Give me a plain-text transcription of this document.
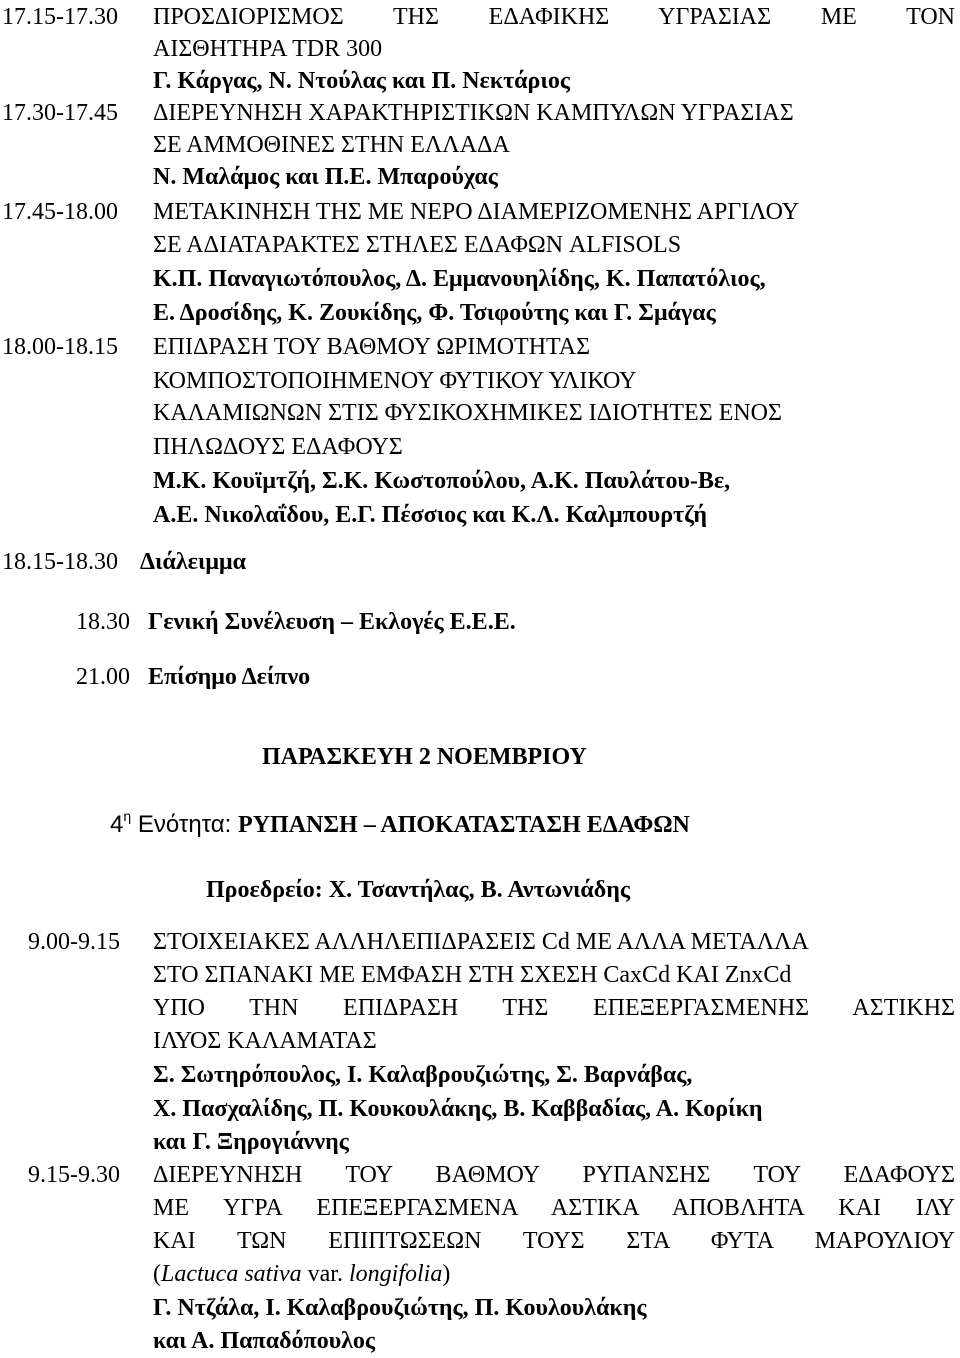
17.15-17.30 ΠΡΟΣΔΙΟΡΙΣΜΟΣ ΤΗΣ ΕΔΑΦΙΚΗΣ ΥΓΡΑΣΙΑΣ ΜΕ ΤΟΝ
ΑΙΣΘΗΤΗΡΑ TDR 300
Γ. Κάργας, Ν. Ντούλας και Π. Νεκτάριος
17.30-17.45 ΔΙΕΡΕΥΝΗΣΗ ΧΑΡΑΚΤΗΡΙΣΤΙΚΩΝ ΚΑΜΠΥΛΩΝ ΥΓΡΑΣΙΑΣ
ΣΕ ΑΜΜΟΘΙΝΕΣ ΣΤΗΝ ΕΛΛΑΔΑ
Ν. Μαλάμος και Π.Ε. Μπαρούχας
17.45-18.00 ΜΕΤΑΚΙΝΗΣΗ ΤΗΣ ΜΕ ΝΕΡΟ ΔΙΑΜΕΡΙΖΟΜΕΝΗΣ ΑΡΓΙΛΟΥ
ΣΕ ΑΔΙΑΤΑΡΑΚΤΕΣ ΣΤΗΛΕΣ ΕΔΑΦΩΝ ALFISOLS
Κ.Π. Παναγιωτόπουλος, Δ. Εμμανουηλίδης, Κ. Παπατόλιος,
Ε. Δροσίδης, Κ. Ζουκίδης, Φ. Τσιφούτης και Γ. Σμάγας
18.00-18.15 ΕΠΙΔΡΑΣΗ ΤΟΥ ΒΑΘΜΟΥ ΩΡΙΜΟΤΗΤΑΣ
ΚΟΜΠΟΣΤΟΠΟΙΗΜΕΝΟΥ ΦΥΤΙΚΟΥ ΥΛΙΚΟΥ
ΚΑΛΑΜΙΩΝΩΝ ΣΤΙΣ ΦΥΣΙΚΟΧΗΜΙΚΕΣ ΙΔΙΟΤΗΤΕΣ ΕΝΟΣ
ΠΗΛΩΔΟΥΣ ΕΔΑΦΟΥΣ
Μ.Κ. Κουϊμτζή, Σ.Κ. Κωστοπούλου, Α.Κ. Παυλάτου-Βε,
Α.Ε. Νικολαΐδου, Ε.Γ. Πέσσιος και Κ.Λ. Καλμπουρτζή
18.15-18.30 Διάλειμμα
18.30 Γενική Συνέλευση – Εκλογές Ε.Ε.Ε.
21.00 Επίσημο Δείπνο
ΠΑΡΑΣΚΕΥΗ 2 ΝΟΕΜΒΡΙΟΥ
$4^\eta$ Ενότητα: ΡΥΠΑΝΣΗ – ΑΠΟΚΑΤΑΣΤΑΣΗ ΕΔΑΦΩΝ
Προεδρείο: Χ. Τσαντήλας, Β. Αντωνιάδης
9.00-9.15 ΣΤΟΙΧΕΙΑΚΕΣ ΑΛΛΗΛΕΠΙΔΡΑΣΕΙΣ Cd ΜΕ ΑΛΛΑ ΜΕΤΑΛΛΑ
ΣΤΟ ΣΠΑΝΑΚΙ ΜΕ ΕΜΦΑΣΗ ΣΤΗ ΣΧΕΣΗ CaxCd ΚΑΙ ZnxCd
ΥΠΟ ΤΗΝ ΕΠΙΔΡΑΣΗ ΤΗΣ ΕΠΕΞΕΡΓΑΣΜΕΝΗΣ ΑΣΤΙΚΗΣ
ΙΛΥΟΣ ΚΑΛΑΜΑΤΑΣ
Σ. Σωτηρόπουλος, Ι. Καλαβρουζιώτης, Σ. Βαρνάβας,
Χ. Πασχαλίδης, Π. Κουκουλάκης, Β. Καββαδίας, Α. Κορίκη
και Γ. Ξηρογιάννης
9.15-9.30 ΔΙΕΡΕΥΝΗΣΗ ΤΟΥ ΒΑΘΜΟΥ ΡΥΠΑΝΣΗΣ ΤΟΥ ΕΔΑΦΟΥΣ
ΜΕ ΥΓΡΑ ΕΠΕΞΕΡΓΑΣΜΕΝΑ ΑΣΤΙΚΑ ΑΠΟΒΛΗΤΑ ΚΑΙ ΙΛΥ
ΚΑΙ ΤΩΝ ΕΠΙΠΤΩΣΕΩΝ ΤΟΥΣ ΣΤΑ ΦΥΤΑ ΜΑΡΟΥΛΙΟΥ
(Lactuca sativa var. longifolia)
Γ. Ντζάλα, Ι. Καλαβρουζιώτης, Π. Κουλουλάκης
και Α. Παπαδόπουλος
